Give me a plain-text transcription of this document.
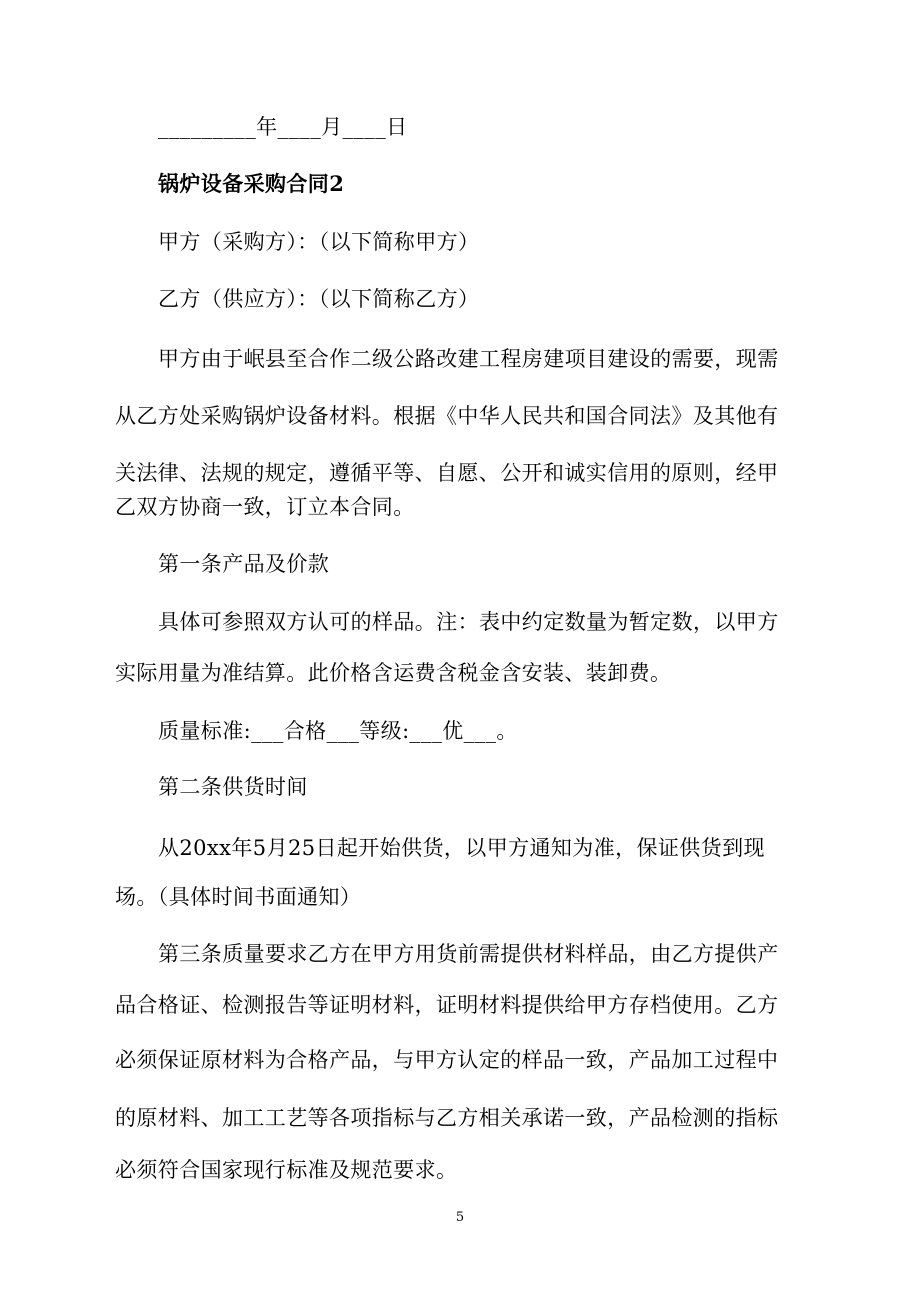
_________年____月____日
锅炉设备采购合同2
甲方（采购方）：（以下简称甲方）
乙方（供应方）：（以下简称乙方）
甲方由于岷县至合作二级公路改建工程房建项目建设的需要，现需
从乙方处采购锅炉设备材料。根据《中华人民共和国合同法》及其他有
关法律、法规的规定，遵循平等、自愿、公开和诚实信用的原则，经甲
乙双方协商一致，订立本合同。
第一条产品及价款
具体可参照双方认可的样品。注：表中约定数量为暂定数，以甲方
实际用量为准结算。此价格含运费含税金含安装、装卸费。
质量标准:___合格___等级:___优___。
第二条供货时间
从20xx年5月25日起开始供货，以甲方通知为准，保证供货到现
场。（具体时间书面通知）
第三条质量要求乙方在甲方用货前需提供材料样品，由乙方提供产
品合格证、检测报告等证明材料，证明材料提供给甲方存档使用。乙方
必须保证原材料为合格产品，与甲方认定的样品一致，产品加工过程中
的原材料、加工工艺等各项指标与乙方相关承诺一致，产品检测的指标
必须符合国家现行标准及规范要求。
5
